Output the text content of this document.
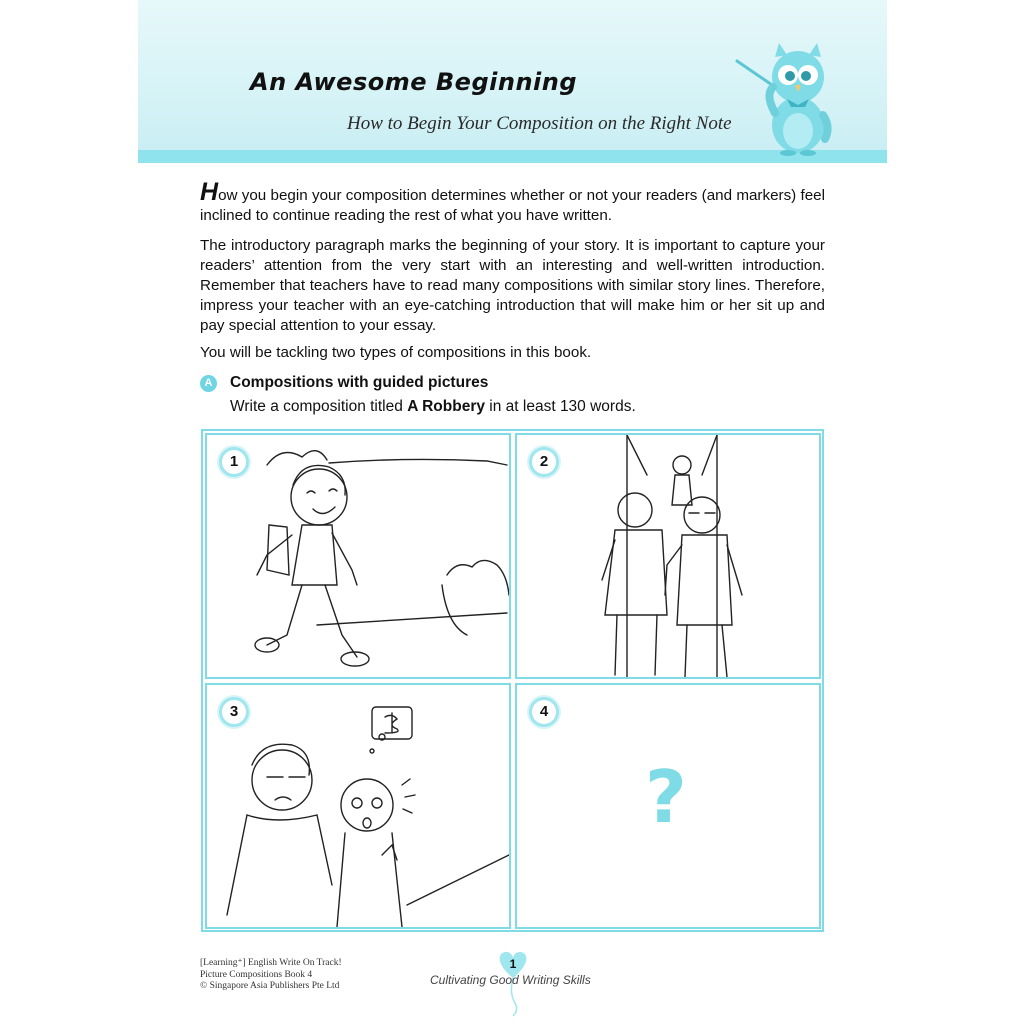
An Awesome Beginning
How to Begin Your Composition on the Right Note
How you begin your composition determines whether or not your readers (and markers) feel inclined to continue reading the rest of what you have written.
The introductory paragraph marks the beginning of your story. It is important to capture your readers’ attention from the very start with an interesting and well-written introduction. Remember that teachers have to read many compositions with similar story lines. Therefore, impress your teacher with an eye-catching introduction that will make him or her sit up and pay special attention to your essay.
You will be tackling two types of compositions in this book.
A Compositions with guided pictures
Write a composition titled A Robbery in at least 130 words.
1	2
3	4
?
[Learning⁺] English Write On Track!
Picture Compositions Book 4
© Singapore Asia Publishers Pte Ltd
1
Cultivating Good Writing Skills
